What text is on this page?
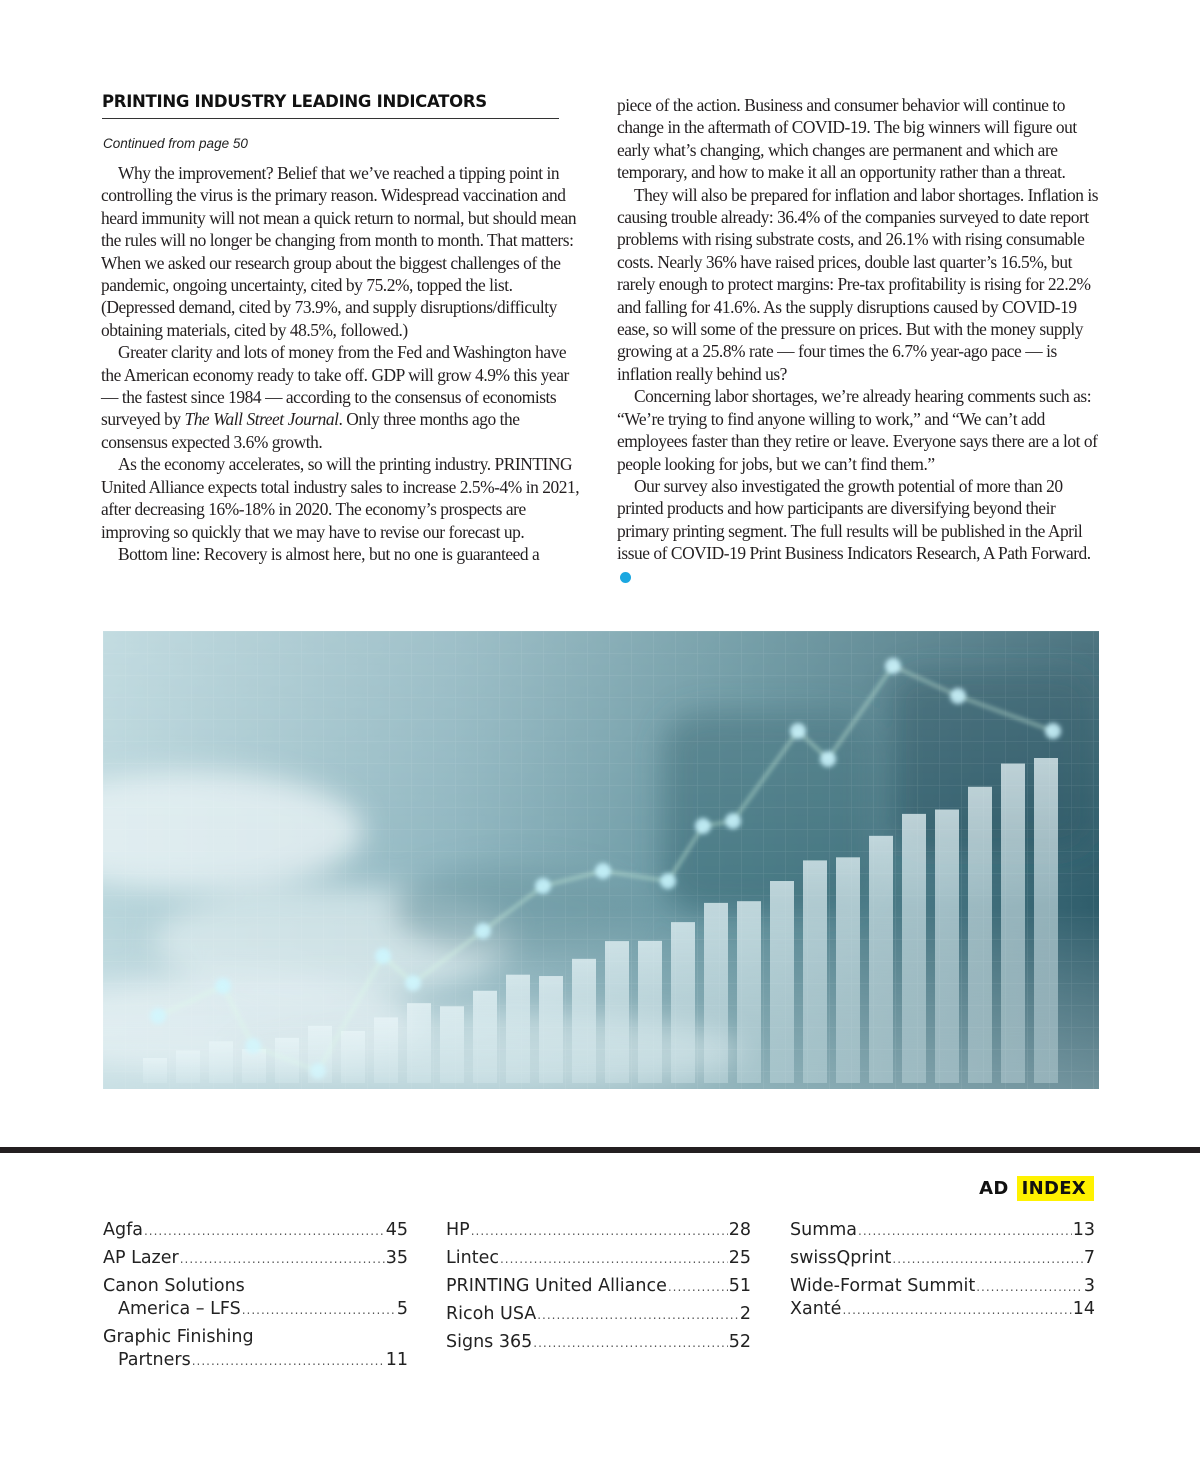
PRINTING INDUSTRY LEADING INDICATORS
Continued from page 50

Why the improvement? Belief that we’ve reached a tipping point in controlling the virus is the primary reason. Widespread vaccination and heard immunity will not mean a quick return to normal, but should mean the rules will no longer be changing from month to month. That matters: When we asked our research group about the biggest challenges of the pandemic, ongoing uncertainty, cited by 75.2%, topped the list. (Depressed demand, cited by 73.9%, and supply disruptions/difficulty obtaining materials, cited by 48.5%, followed.)

Greater clarity and lots of money from the Fed and Washington have the American economy ready to take off. GDP will grow 4.9% this year — the fastest since 1984 — according to the consensus of economists surveyed by The Wall Street Journal. Only three months ago the consensus expected 3.6% growth.

As the economy accelerates, so will the printing industry. PRINTING United Alliance expects total industry sales to increase 2.5%-4% in 2021, after decreasing 16%-18% in 2020. The economy’s prospects are improving so quickly that we may have to revise our forecast up.

Bottom line: Recovery is almost here, but no one is guaranteed a

piece of the action. Business and consumer behavior will continue to change in the aftermath of COVID-19. The big winners will figure out early what’s changing, which changes are permanent and which are temporary, and how to make it all an opportunity rather than a threat.

They will also be prepared for inflation and labor shortages. Inflation is causing trouble already: 36.4% of the companies surveyed to date report problems with rising substrate costs, and 26.1% with rising consumable costs. Nearly 36% have raised prices, double last quarter’s 16.5%, but rarely enough to protect margins: Pre-tax profitability is rising for 22.2% and falling for 41.6%. As the supply disruptions caused by COVID-19 ease, so will some of the pressure on prices. But with the money supply growing at a 25.8% rate — four times the 6.7% year-ago pace — is inflation really behind us?

Concerning labor shortages, we’re already hearing comments such as: “We’re trying to find anyone willing to work,” and “We can’t add employees faster than they retire or leave. Everyone says there are a lot of people looking for jobs, but we can’t find them.”

Our survey also investigated the growth potential of more than 20 printed products and how participants are diversifying beyond their primary printing segment. The full results will be published in the April issue of COVID-19 Print Business Indicators Research, A Path Forward.

AD INDEX
Agfa .....	45
AP Lazer .....	35
Canon Solutions
America – LFS .....	5
Graphic Finishing
Partners .....	11
HP .....	28
Lintec .....	25
PRINTING United Alliance .....	51
Ricoh USA .....	2
Signs 365 .....	52
Summa .....	13
swissQprint .....	7
Wide-Format Summit .....	3
Xanté .....	14
